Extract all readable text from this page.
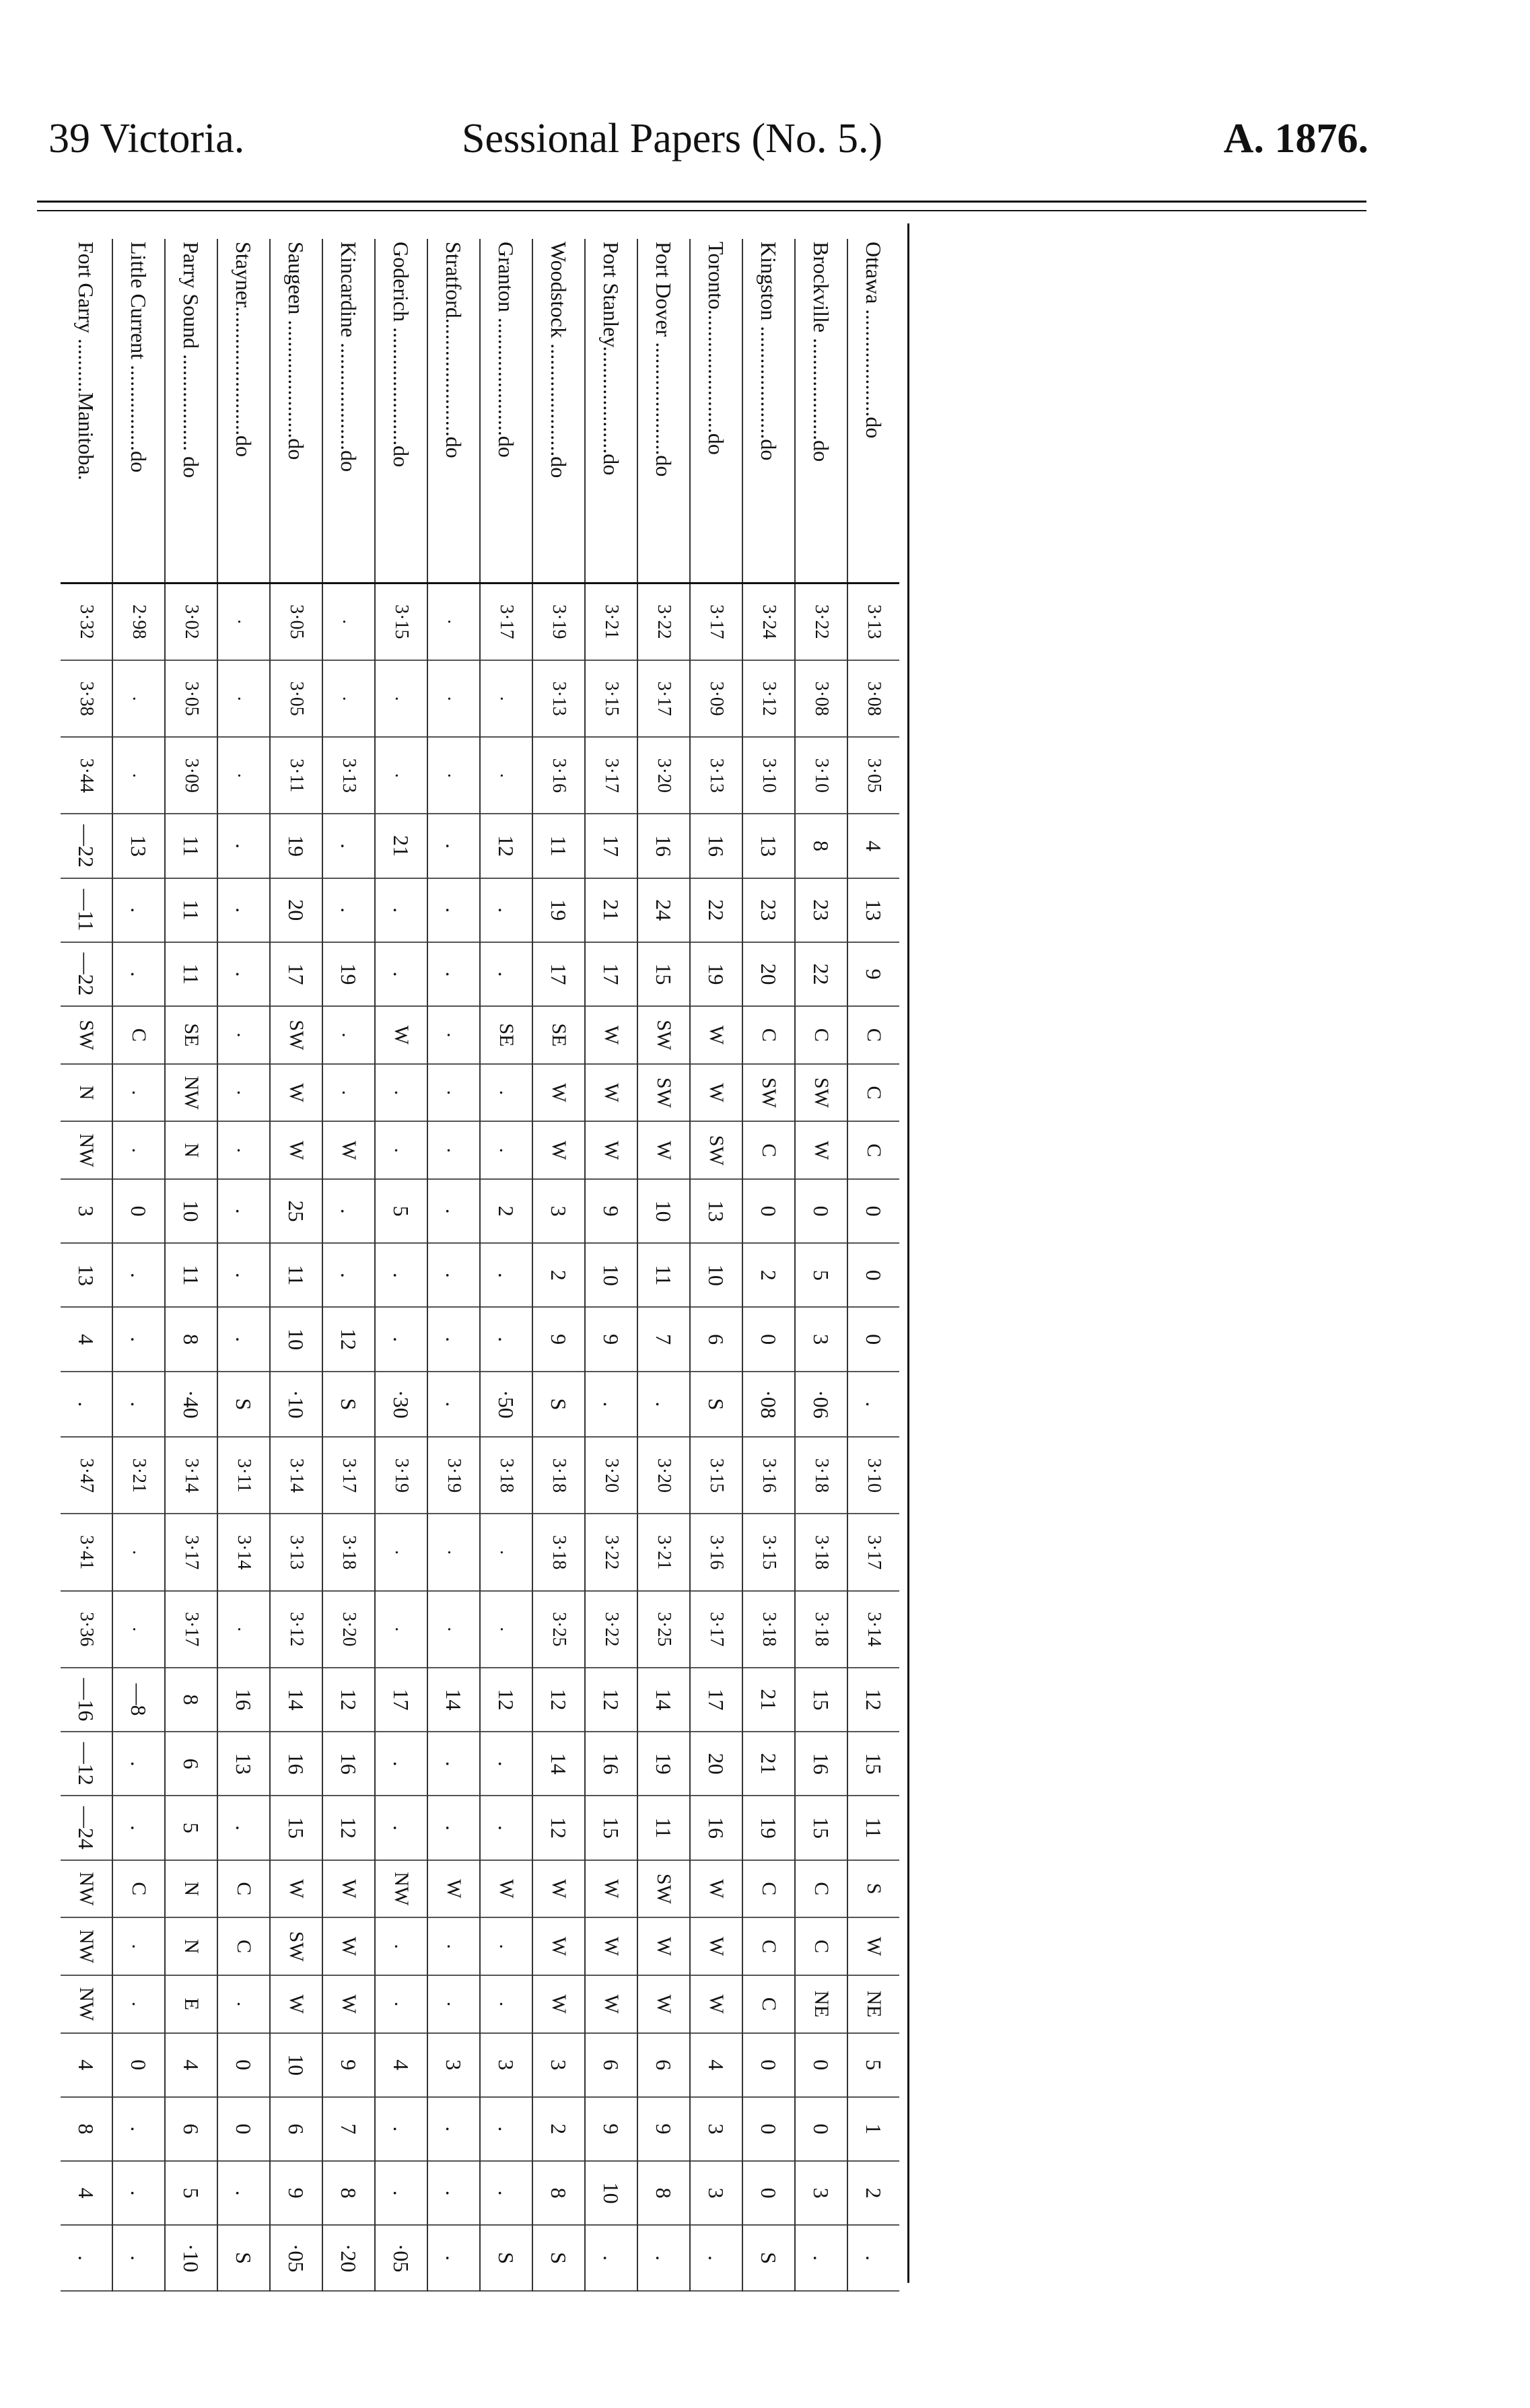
39 Victoria.	Sessional Papers (No. 5.)	A. 1876.
Ottawa ....................do	3·13	3·08	3·05	4	13	9	C	C	C	0	0	0	.	3·10	3·17	3·14	12	15	11	S	W	NE	5	1	2	.
Brockville ...................do	3·22	3·08	3·10	8	23	22	C	SW	W	0	5	3	·06	3·18	3·18	3·18	15	16	15	C	C	NE	0	0	3	.
Kingston .....................do	3·24	3·12	3·10	13	23	20	C	SW	C	0	2	0	·08	3·16	3·15	3·18	21	21	19	C	C	C	0	0	0	S
Toronto.......................do	3·17	3·09	3·13	16	22	19	W	W	SW	13	10	6	S	3·15	3·16	3·17	17	20	16	W	W	W	4	3	3	.
Port Dover .....................do	3·22	3·17	3·20	16	24	15	SW	SW	W	10	11	7	.	3·20	3·21	3·25	14	19	11	SW	W	W	6	9	8	.
Port Stanley....................do	3·21	3·15	3·17	17	21	17	W	W	W	9	10	9	.	3·20	3·22	3·22	12	16	15	W	W	W	6	9	10	.
Woodstock .....................do	3·19	3·13	3·16	11	19	17	SE	W	W	3	2	9	S	3·18	3·18	3·25	12	14	12	W	W	W	3	2	8	S
Granton ......................do	3·17	.	.	12	.	.	SE	.	.	2	.	.	·50	3·18	.	.	12	.	.	W	.	.	3	.	.	S
Stratford......................do	.	.	.	.	.	.	.	.	.	.	.	.	.	3·19	.	.	14	.	.	W	.	.	3	.	.	.
Goderich ......................do	3·15	.	.	21	.	.	W	.	.	5	.	.	·30	3·19	.	.	17	.	.	NW	.	.	4	.	.	·05
Kincardine ....................do	.	.	3·13	.	.	19	.	.	W	.	.	12	S	3·17	3·18	3·20	12	16	12	W	W	W	9	7	8	·20
Saugeen ......................do	3·05	3·05	3·11	19	20	17	SW	W	W	25	11	10	·10	3·14	3·13	3·12	14	16	15	W	SW	W	10	6	9	·05
Stayner........................do	.	.	.	.	.	.	.	.	.	.	.	.	S	3·11	3·14	.	16	13	.	C	C	.	0	0	.	S
Parry Sound .................. do	3·02	3·05	3·09	11	11	11	SE	NW	N	10	11	8	·40	3·14	3·17	3·17	8	6	5	N	N	E	4	6	5	·10
Little Current ................do	2·98	.	.	13	.	.	C	.	.	0	.	.	.	3·21	.	.	—8	.	.	C	.	.	0	.	.	.
Fort Garry ..........Manitoba.	3·32	3·38	3·44	—22	—11	—22	SW	N	NW	3	13	4	.	3·47	3·41	3·36	—16	—12	—24	NW	NW	NW	4	8	4	.
